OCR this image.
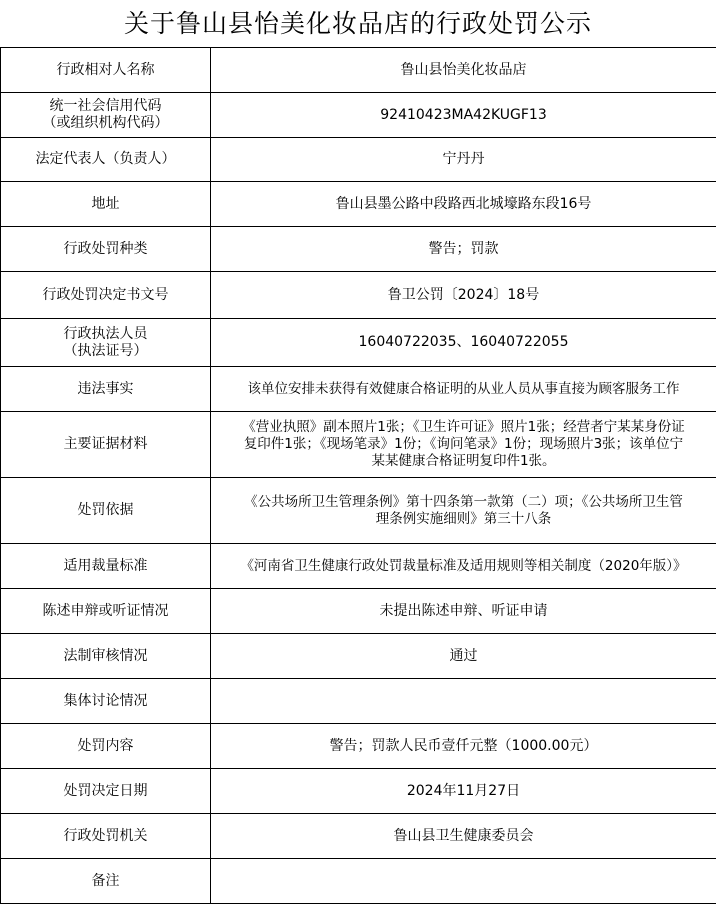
关于鲁山县怡美化妆品店的行政处罚公示
行政相对人名称	鲁山县怡美化妆品店

统一社会信用代码
（或组织机构代码）	92410423MA42KUGF13

法定代表人（负责人）	宁丹丹

地址	鲁山县墨公路中段路西北城壕路东段16号

行政处罚种类	警告；罚款

行政处罚决定书文号	鲁卫公罚〔2024〕18号

行政执法人员
（执法证号）	16040722035、16040722055

违法事实	该单位安排未获得有效健康合格证明的从业人员从事直接为顾客服务工作

主要证据材料	《营业执照》副本照片1张；《卫生许可证》照片1张；经营者宁某某身份证
复印件1张；《现场笔录》1份；《询问笔录》1份；现场照片3张；该单位宁
某某健康合格证明复印件1张。

处罚依据	《公共场所卫生管理条例》第十四条第一款第（二）项；《公共场所卫生管
理条例实施细则》第三十八条

适用裁量标准	《河南省卫生健康行政处罚裁量标准及适用规则等相关制度（2020年版）》

陈述申辩或听证情况	未提出陈述申辩、听证申请

法制审核情况	通过

集体讨论情况	

处罚内容	警告；罚款人民币壹仟元整（1000.00元）

处罚决定日期	2024年11月27日

行政处罚机关	鲁山县卫生健康委员会

备注	
